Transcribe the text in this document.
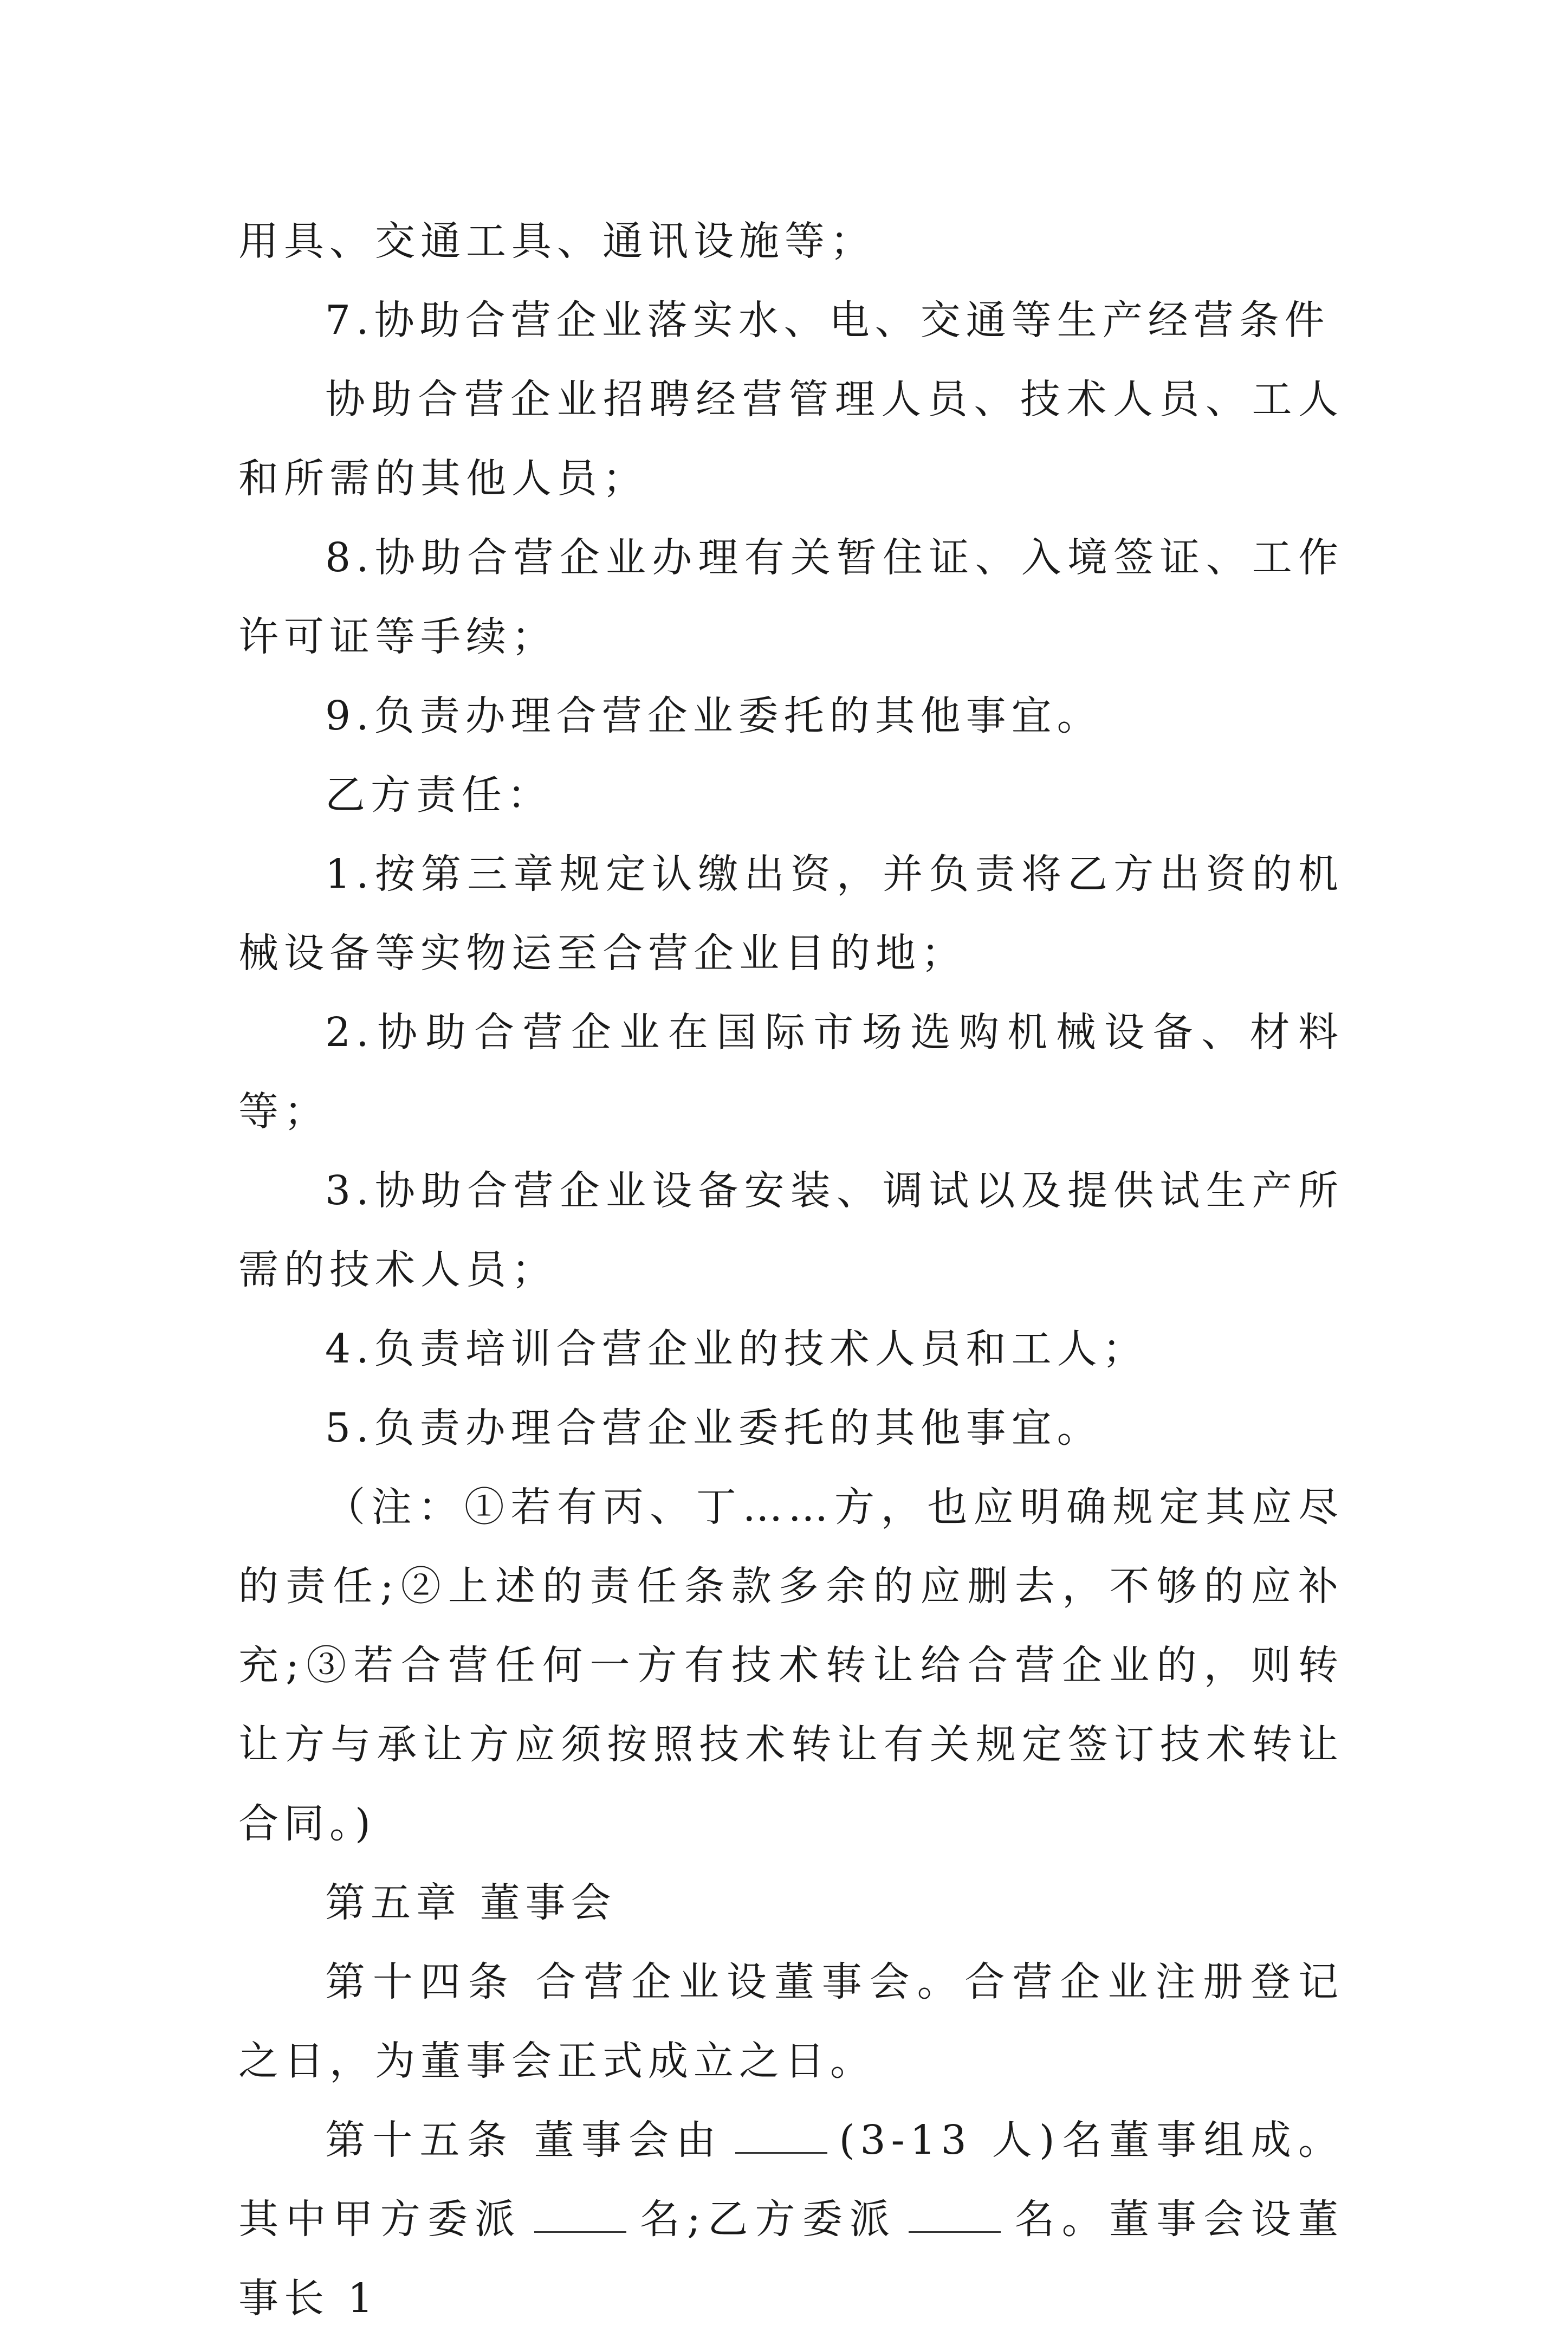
用具、交通工具、通讯设施等；

7.协助合营企业落实水、电、交通等生产经营条件

协助合营企业招聘经营管理人员、技术人员、工人和所需的其他人员；

8.协助合营企业办理有关暂住证、入境签证、工作许可证等手续；

9.负责办理合营企业委托的其他事宜。

乙方责任：

1.按第三章规定认缴出资，并负责将乙方出资的机械设备等实物运至合营企业目的地；

2.协助合营企业在国际市场选购机械设备、材料等；

3.协助合营企业设备安装、调试以及提供试生产所需的技术人员；

4.负责培训合营企业的技术人员和工人；

5.负责办理合营企业委托的其他事宜。

（注：①若有丙、丁……方，也应明确规定其应尽的责任;②上述的责任条款多余的应删去，不够的应补充;③若合营任何一方有技术转让给合营企业的，则转让方与承让方应须按照技术转让有关规定签订技术转让合同。)

第五章 董事会

第十四条 合营企业设董事会。合营企业注册登记之日，为董事会正式成立之日。

第十五条 董事会由	(3-13 人)名董事组成。其中甲方委派	名;乙方委派	名。董事会设董事长 1
